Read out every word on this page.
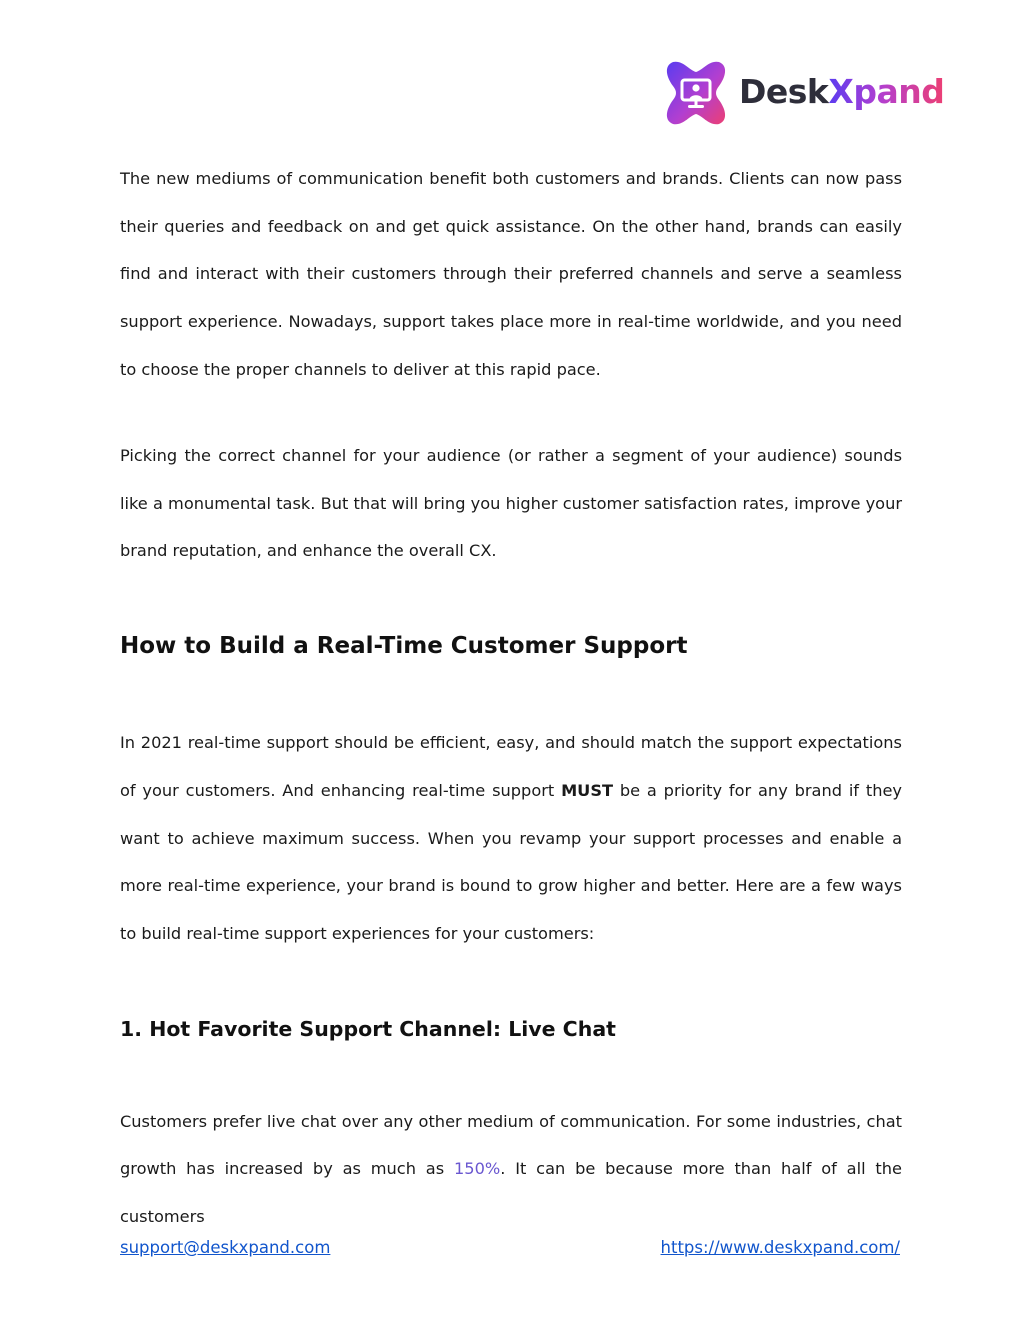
DeskXpand

The new mediums of communication benefit both customers and brands. Clients can now pass their queries and feedback on and get quick assistance. On the other hand, brands can easily find and interact with their customers through their preferred channels and serve a seamless support experience. Nowadays, support takes place more in real-time worldwide, and you need to choose the proper channels to deliver at this rapid pace.

Picking the correct channel for your audience (or rather a segment of your audience) sounds like a monumental task. But that will bring you higher customer satisfaction rates, improve your brand reputation, and enhance the overall CX.

How to Build a Real-Time Customer Support

In 2021 real-time support should be efficient, easy, and should match the support expectations of your customers. And enhancing real-time support MUST be a priority for any brand if they want to achieve maximum success. When you revamp your support processes and enable a more real-time experience, your brand is bound to grow higher and better. Here are a few ways to build real-time support experiences for your customers:

1. Hot Favorite Support Channel: Live Chat

Customers prefer live chat over any other medium of communication. For some industries, chat growth has increased by as much as 150%. It can be because more than half of all the customers

support@deskxpand.com	https://www.deskxpand.com/
